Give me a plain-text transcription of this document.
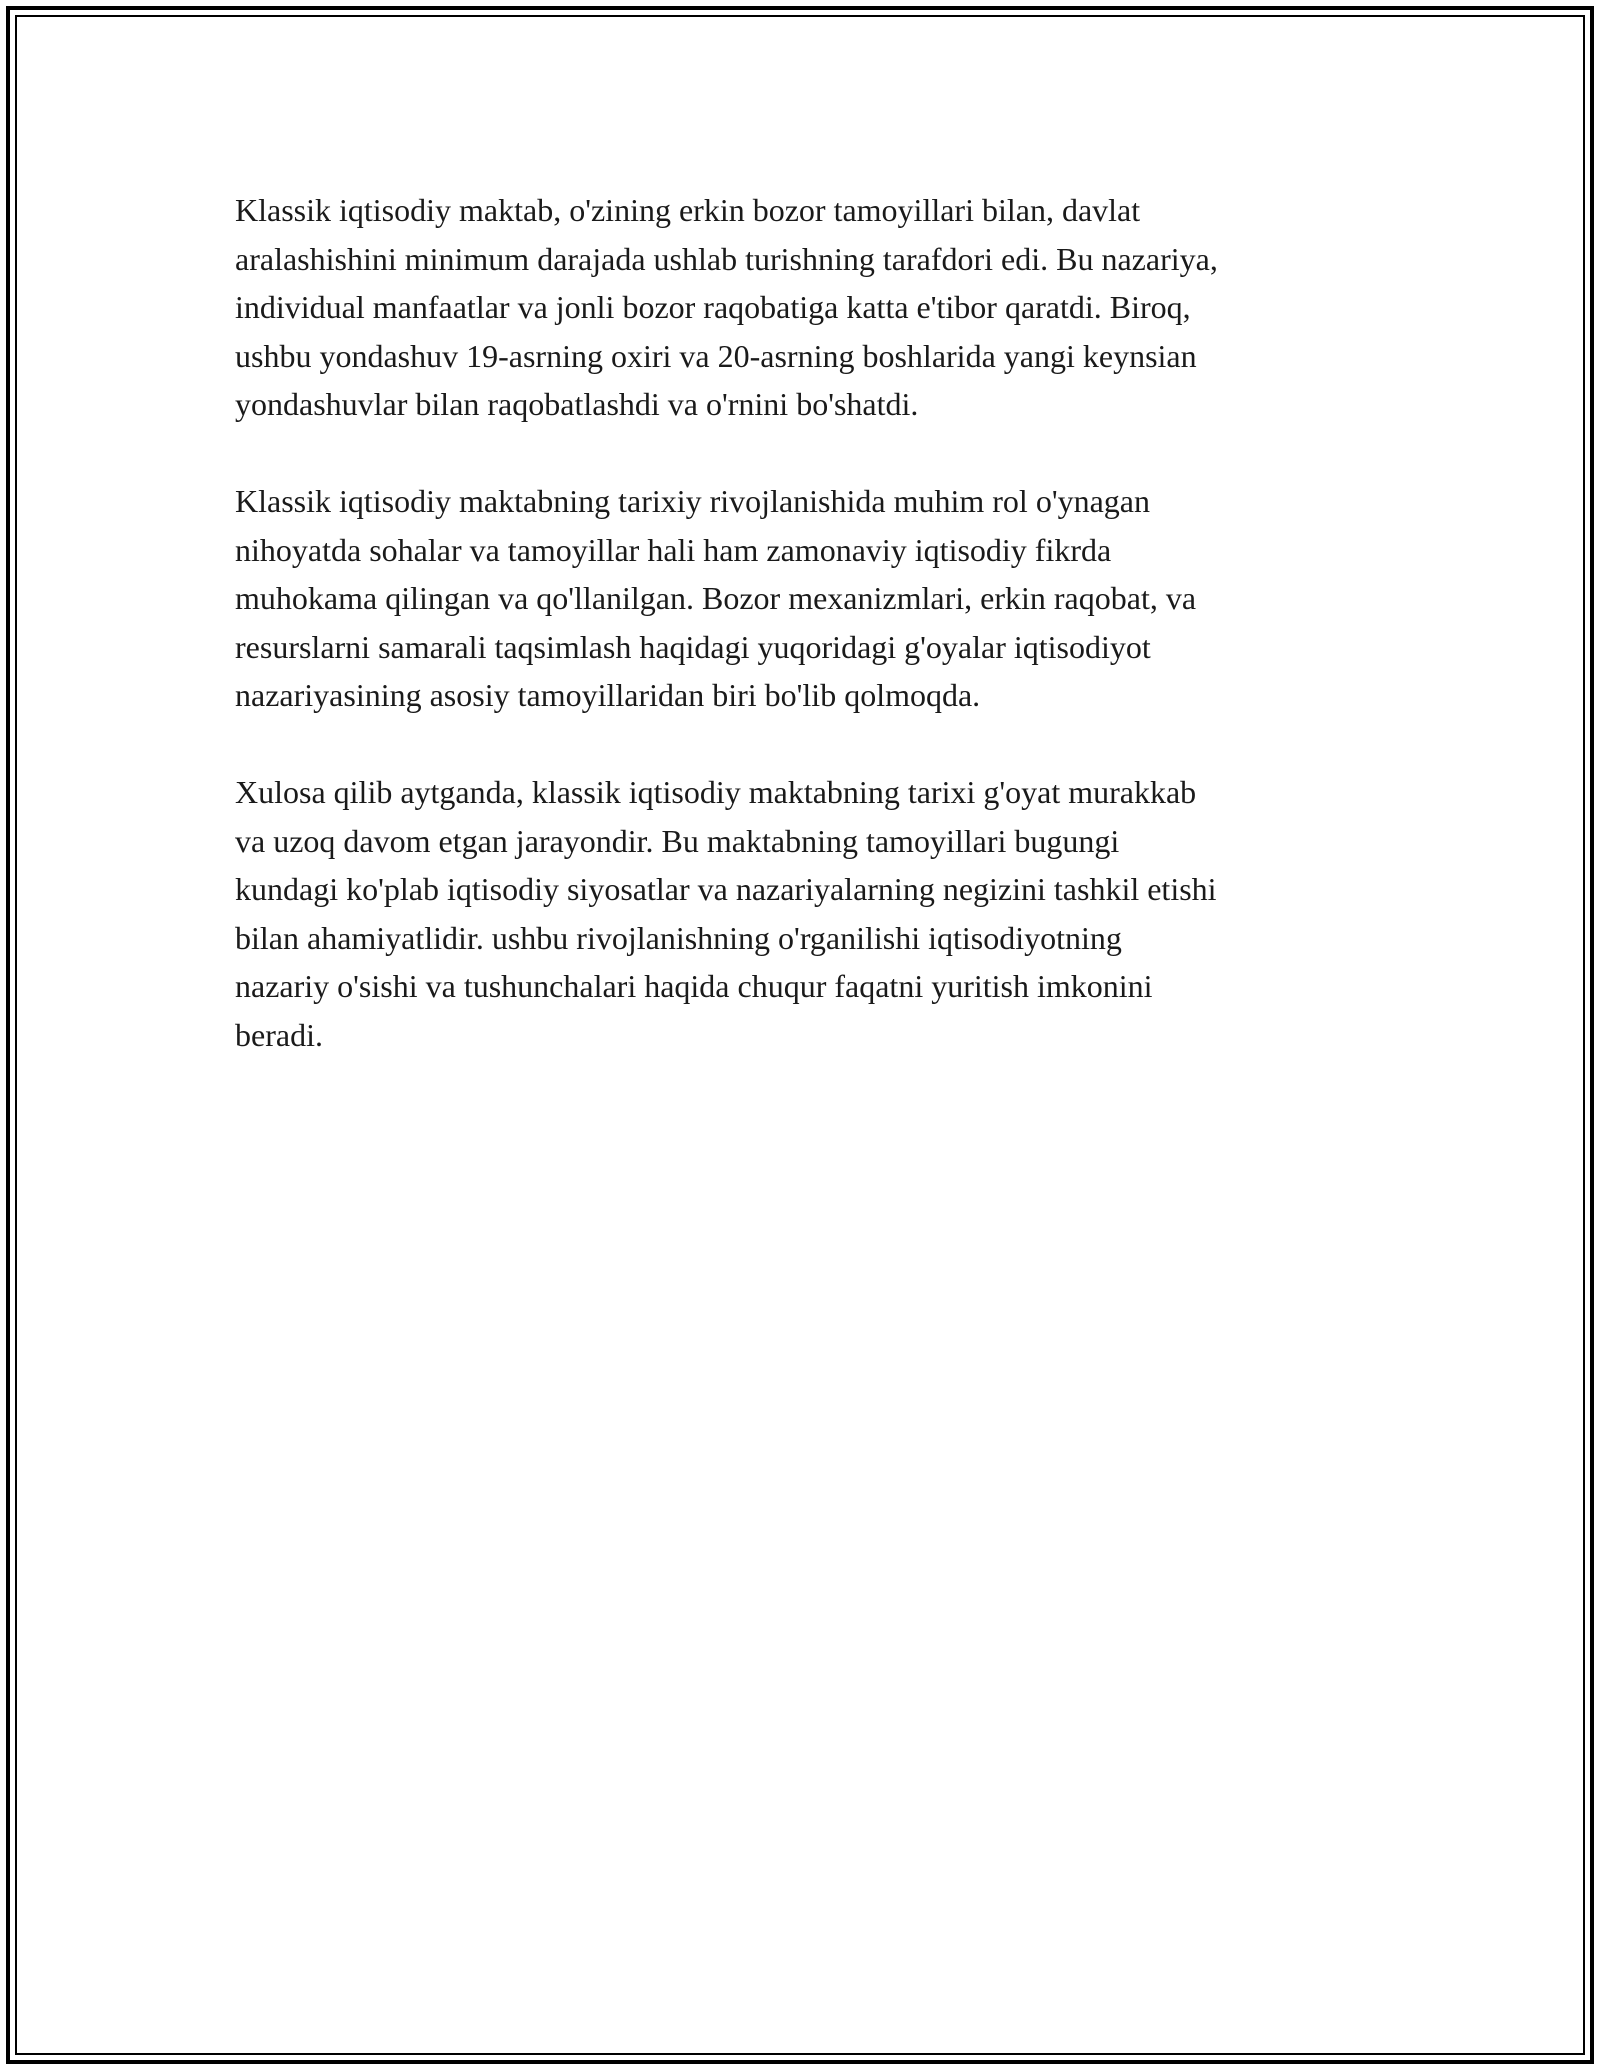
Klassik iqtisodiy maktab, o'zining erkin bozor tamoyillari bilan, davlat
aralashishini minimum darajada ushlab turishning tarafdori edi. Bu nazariya,
individual manfaatlar va jonli bozor raqobatiga katta e'tibor qaratdi. Biroq,
ushbu yondashuv 19-asrning oxiri va 20-asrning boshlarida yangi keynsian
yondashuvlar bilan raqobatlashdi va o'rnini bo'shatdi.

Klassik iqtisodiy maktabning tarixiy rivojlanishida muhim rol o'ynagan
nihoyatda sohalar va tamoyillar hali ham zamonaviy iqtisodiy fikrda
muhokama qilingan va qo'llanilgan. Bozor mexanizmlari, erkin raqobat, va
resurslarni samarali taqsimlash haqidagi yuqoridagi g'oyalar iqtisodiyot
nazariyasining asosiy tamoyillaridan biri bo'lib qolmoqda.

Xulosa qilib aytganda, klassik iqtisodiy maktabning tarixi g'oyat murakkab
va uzoq davom etgan jarayondir. Bu maktabning tamoyillari bugungi
kundagi ko'plab iqtisodiy siyosatlar va nazariyalarning negizini tashkil etishi
bilan ahamiyatlidir. ushbu rivojlanishning o'rganilishi iqtisodiyotning
nazariy o'sishi va tushunchalari haqida chuqur faqatni yuritish imkonini
beradi.
